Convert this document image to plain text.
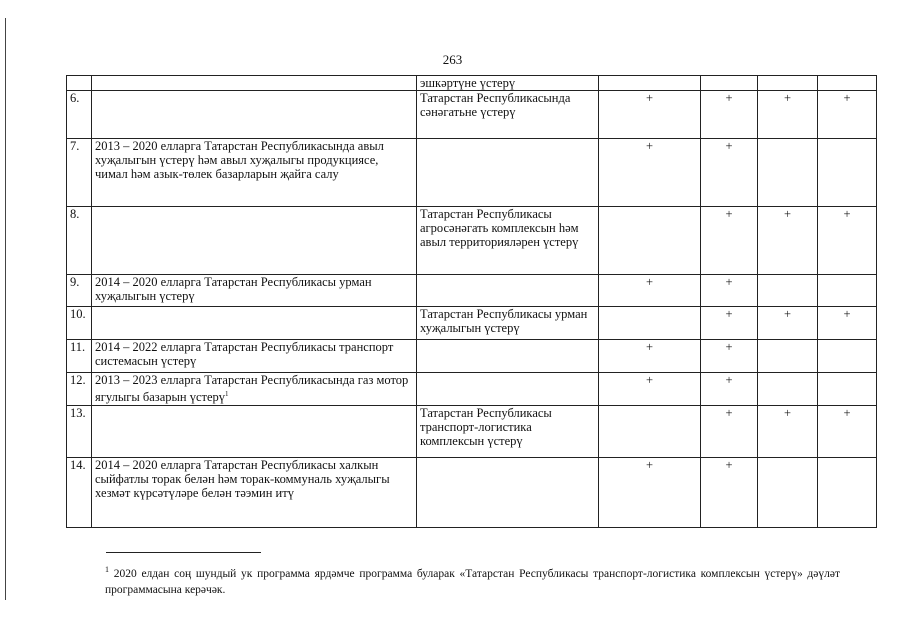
263
		эшкәртүне үстерү				
6.		Татарстан Республикасында сәнәгатьне үстерү	+	+	+	+
7.	2013 – 2020 елларга Татарстан Республикасында авыл хуҗалыгын үстерү һәм авыл хуҗалыгы продукциясе, чимал һәм азык-төлек базарларын җайга салу		+	+		
8.		Татарстан Республикасы агросәнәгать комплексын һәм авыл территорияләрен үстерү		+	+	+
9.	2014 – 2020 елларга Татарстан Республикасы урман хуҗалыгын үстерү		+	+		
10.		Татарстан Республикасы урман хуҗалыгын үстерү		+	+	+
11.	2014 – 2022 елларга Татарстан Республикасы транспорт системасын үстерү		+	+		
12.	2013 – 2023 елларга Татарстан Республикасында газ мотор ягулыгы базарын үстерү$^1$		+	+		
13.		Татарстан Республикасы транспорт-логистика комплексын үстерү		+	+	+
14.	2014 – 2020 елларга Татарстан Республикасы халкын сыйфатлы торак белән һәм торак-коммуналь хуҗалыгы хезмәт күрсәтүләре белән тәэмин итү		+	+		
$^1$ 2020 елдан соң шундый ук программа ярдәмче программа буларак «Татарстан Республикасы транспорт-логистика комплексын үстерү» дәүләт программасына керәчәк.
